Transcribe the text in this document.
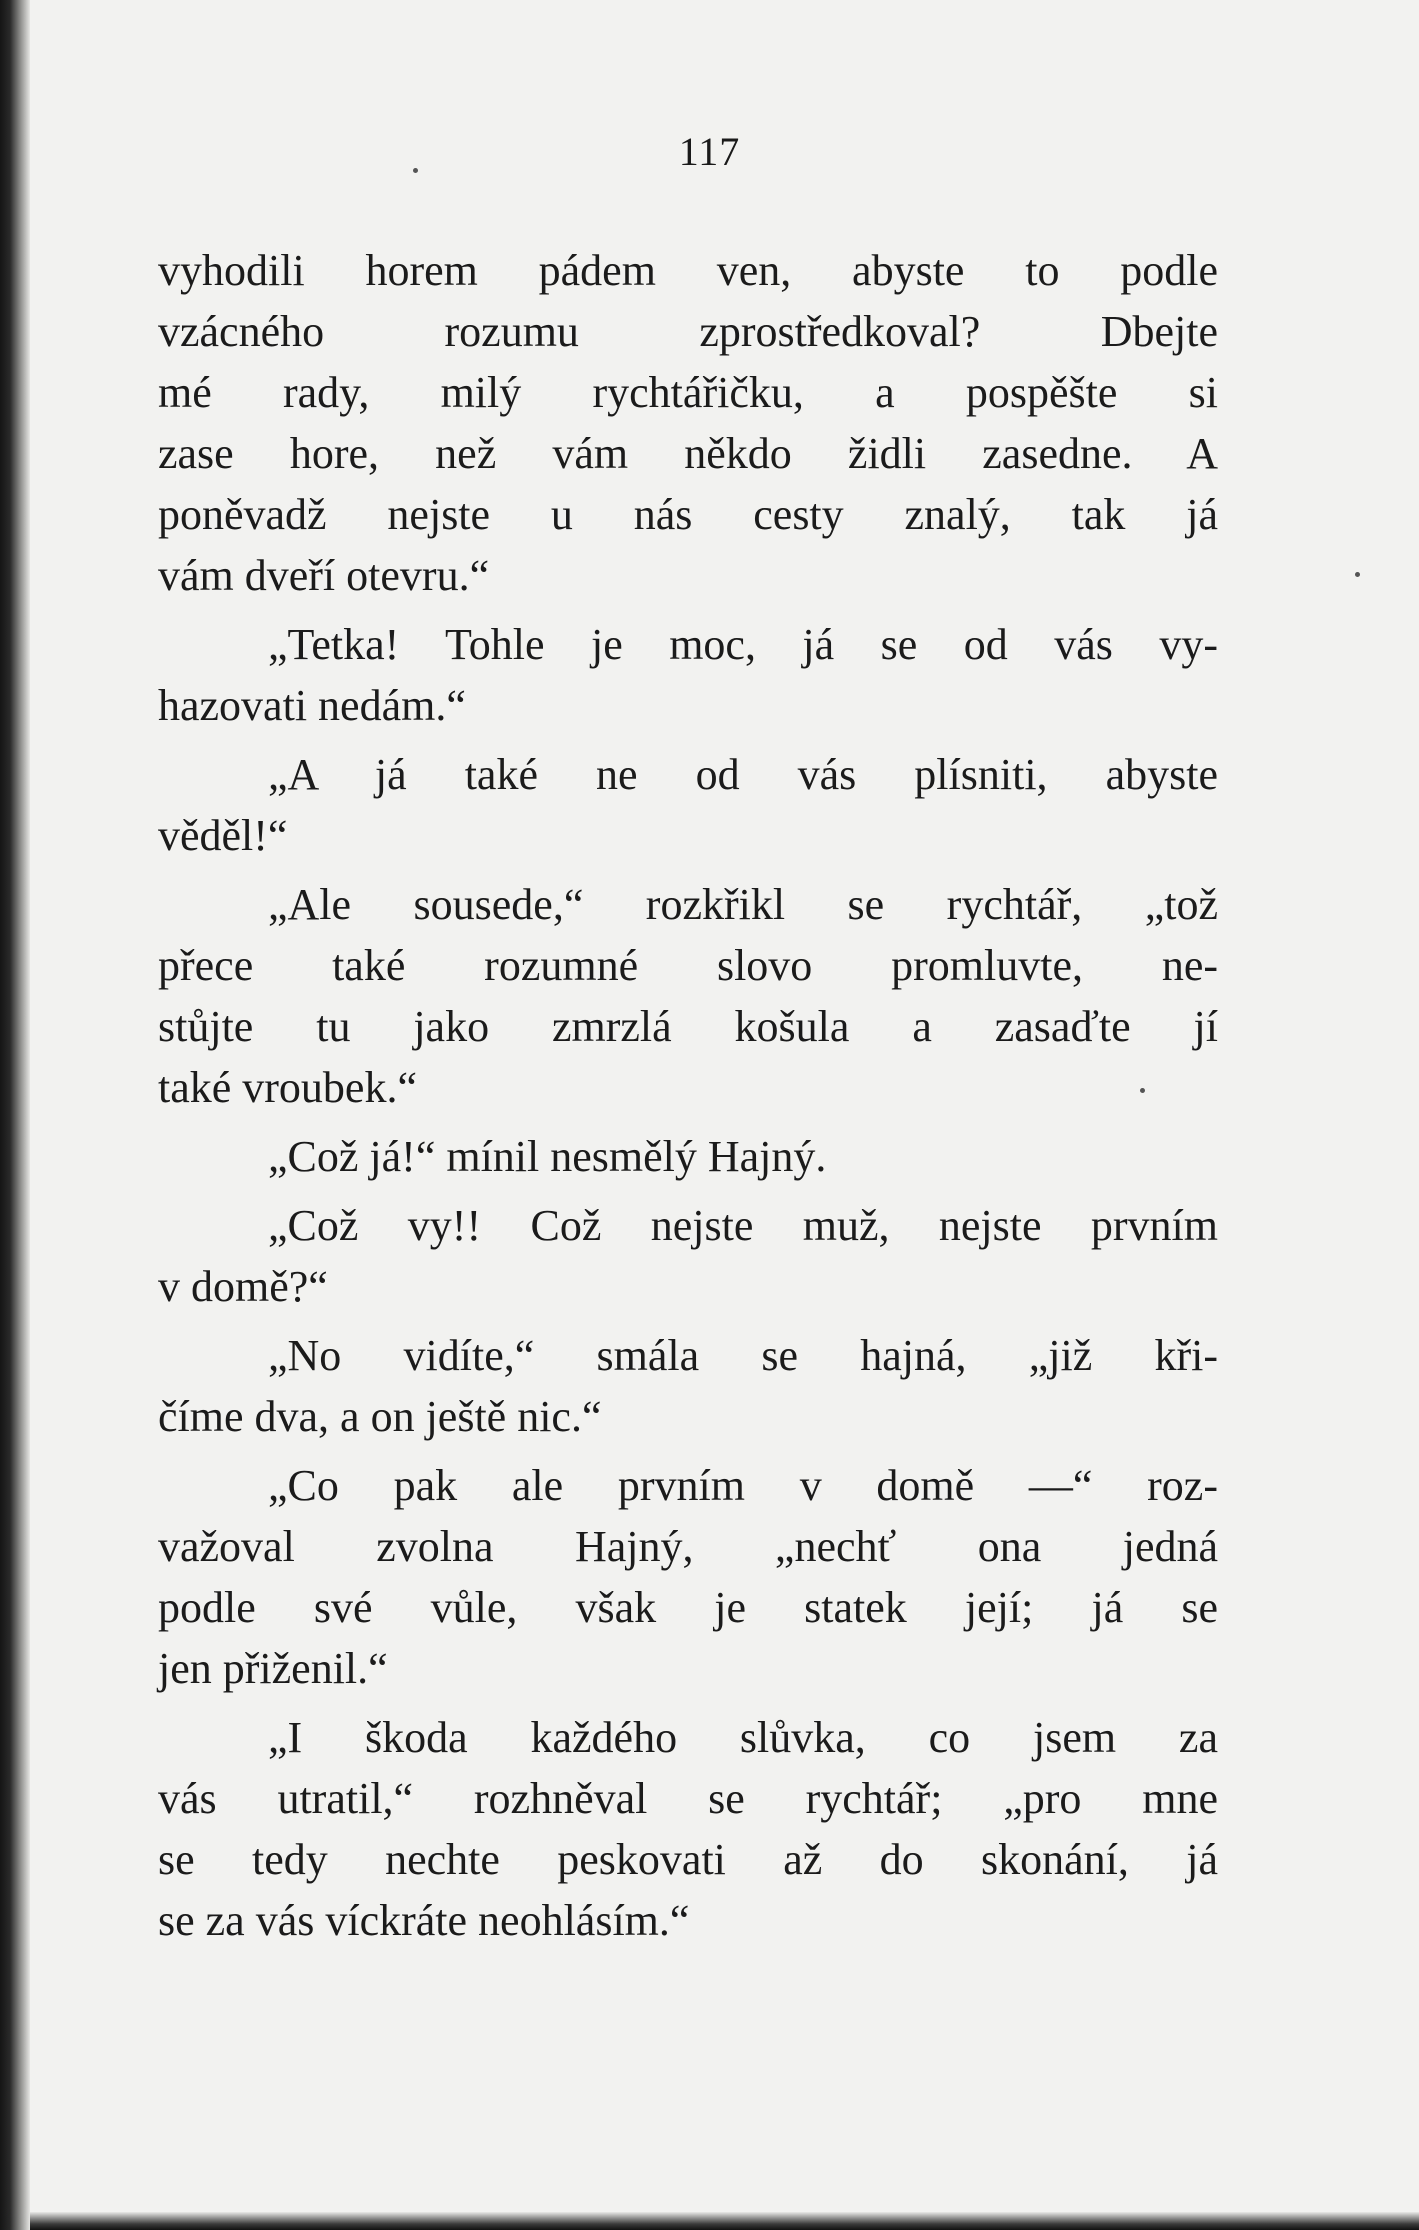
117

vyhodili horem pádem ven, abyste to podle
vzácného rozumu zprostředkoval? Dbejte
mé rady, milý rychtářičku, a pospěšte si
zase hore, než vám někdo židli zasedne. A
poněvadž nejste u nás cesty znalý, tak já
vám dveří otevru.“

„Tetka! Tohle je moc, já se od vás vy-
hazovati nedám.“

„A já také ne od vás plísniti, abyste
věděl!“

„Ale sousede,“ rozkřikl se rychtář, „tož
přece také rozumné slovo promluvte, ne-
stůjte tu jako zmrzlá košula a zasaďte jí
také vroubek.“

„Což já!“ mínil nesmělý Hajný.

„Což vy!! Což nejste muž, nejste prvním
v domě?“

„No vidíte,“ smála se hajná, „již kři-
číme dva, a on ještě nic.“

„Co pak ale prvním v domě —“ roz-
važoval zvolna Hajný, „nechť ona jedná
podle své vůle, však je statek její; já se
jen přiženil.“

„I škoda každého slůvka, co jsem za
vás utratil,“ rozhněval se rychtář; „pro mne
se tedy nechte peskovati až do skonání, já
se za vás víckráte neohlásím.“
